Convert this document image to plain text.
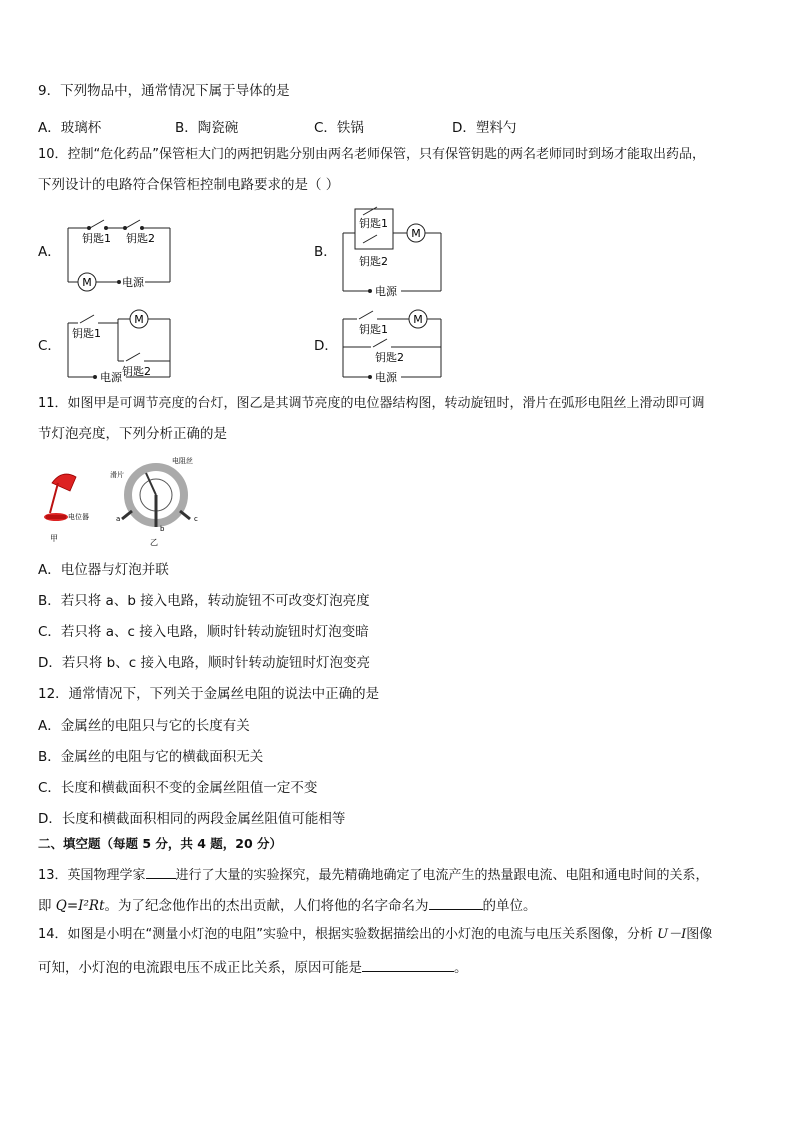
9．下列物品中，通常情况下属于导体的是
A．玻璃杯	B．陶瓷碗	C．铁锅	D．塑料勺
10．控制“危化药品”保管柜大门的两把钥匙分别由两名老师保管，只有保管钥匙的两名老师同时到场才能取出药品，
下列设计的电路符合保管柜控制电路要求的是（ ）
A．	B．
C．	D．
钥匙1 钥匙2
M	电源
钥匙1
钥匙2
M
电源
钥匙1
钥匙2
M
电源
钥匙1
钥匙2
M
电源
11．如图甲是可调节亮度的台灯，图乙是其调节亮度的电位器结构图，转动旋钮时，滑片在弧形电阻丝上滑动即可调
节灯泡亮度，下列分析正确的是
电位器
甲
电阻丝
滑片
a
b
c
乙
A．电位器与灯泡并联
B．若只将 a、b 接入电路，转动旋钮不可改变灯泡亮度
C．若只将 a、c 接入电路，顺时针转动旋钮时灯泡变暗
D．若只将 b、c 接入电路，顺时针转动旋钮时灯泡变亮
12．通常情况下，下列关于金属丝电阻的说法中正确的是
A．金属丝的电阻只与它的长度有关
B．金属丝的电阻与它的横截面积无关
C．长度和横截面积不变的金属丝阻值一定不变
D．长度和横截面积相同的两段金属丝阻值可能相等
二、填空题（每题 5 分，共 4 题，20 分）
13．英国物理学家 进行了大量的实验探究，最先精确地确定了电流产生的热量跟电流、电阻和通电时间的关系，
即 Q=I²Rt。为了纪念他作出的杰出贡献，人们将他的名字命名为	的单位。
14．如图是小明在“测量小灯泡的电阻”实验中，根据实验数据描绘出的小灯泡的电流与电压关系图像，分析 U－I图像
可知，小灯泡的电流跟电压不成正比关系，原因可能是	。
